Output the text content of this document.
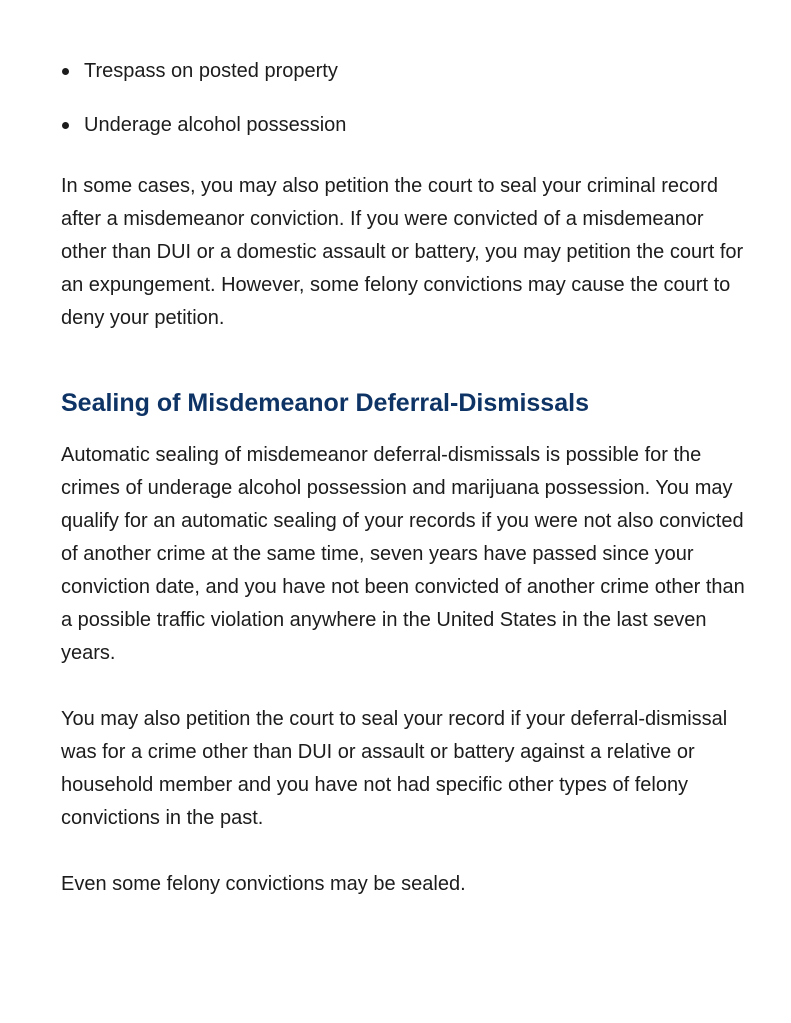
Trespass on posted property
Underage alcohol possession

In some cases, you may also petition the court to seal your criminal record after a misdemeanor conviction. If you were convicted of a misdemeanor other than DUI or a domestic assault or battery, you may petition the court for an expungement. However, some felony convictions may cause the court to deny your petition.

Sealing of Misdemeanor Deferral-Dismissals

Automatic sealing of misdemeanor deferral-dismissals is possible for the crimes of underage alcohol possession and marijuana possession. You may qualify for an automatic sealing of your records if you were not also convicted of another crime at the same time, seven years have passed since your conviction date, and you have not been convicted of another crime other than a possible traffic violation anywhere in the United States in the last seven years.

You may also petition the court to seal your record if your deferral-dismissal was for a crime other than DUI or assault or battery against a relative or household member and you have not had specific other types of felony convictions in the past.

Even some felony convictions may be sealed.
